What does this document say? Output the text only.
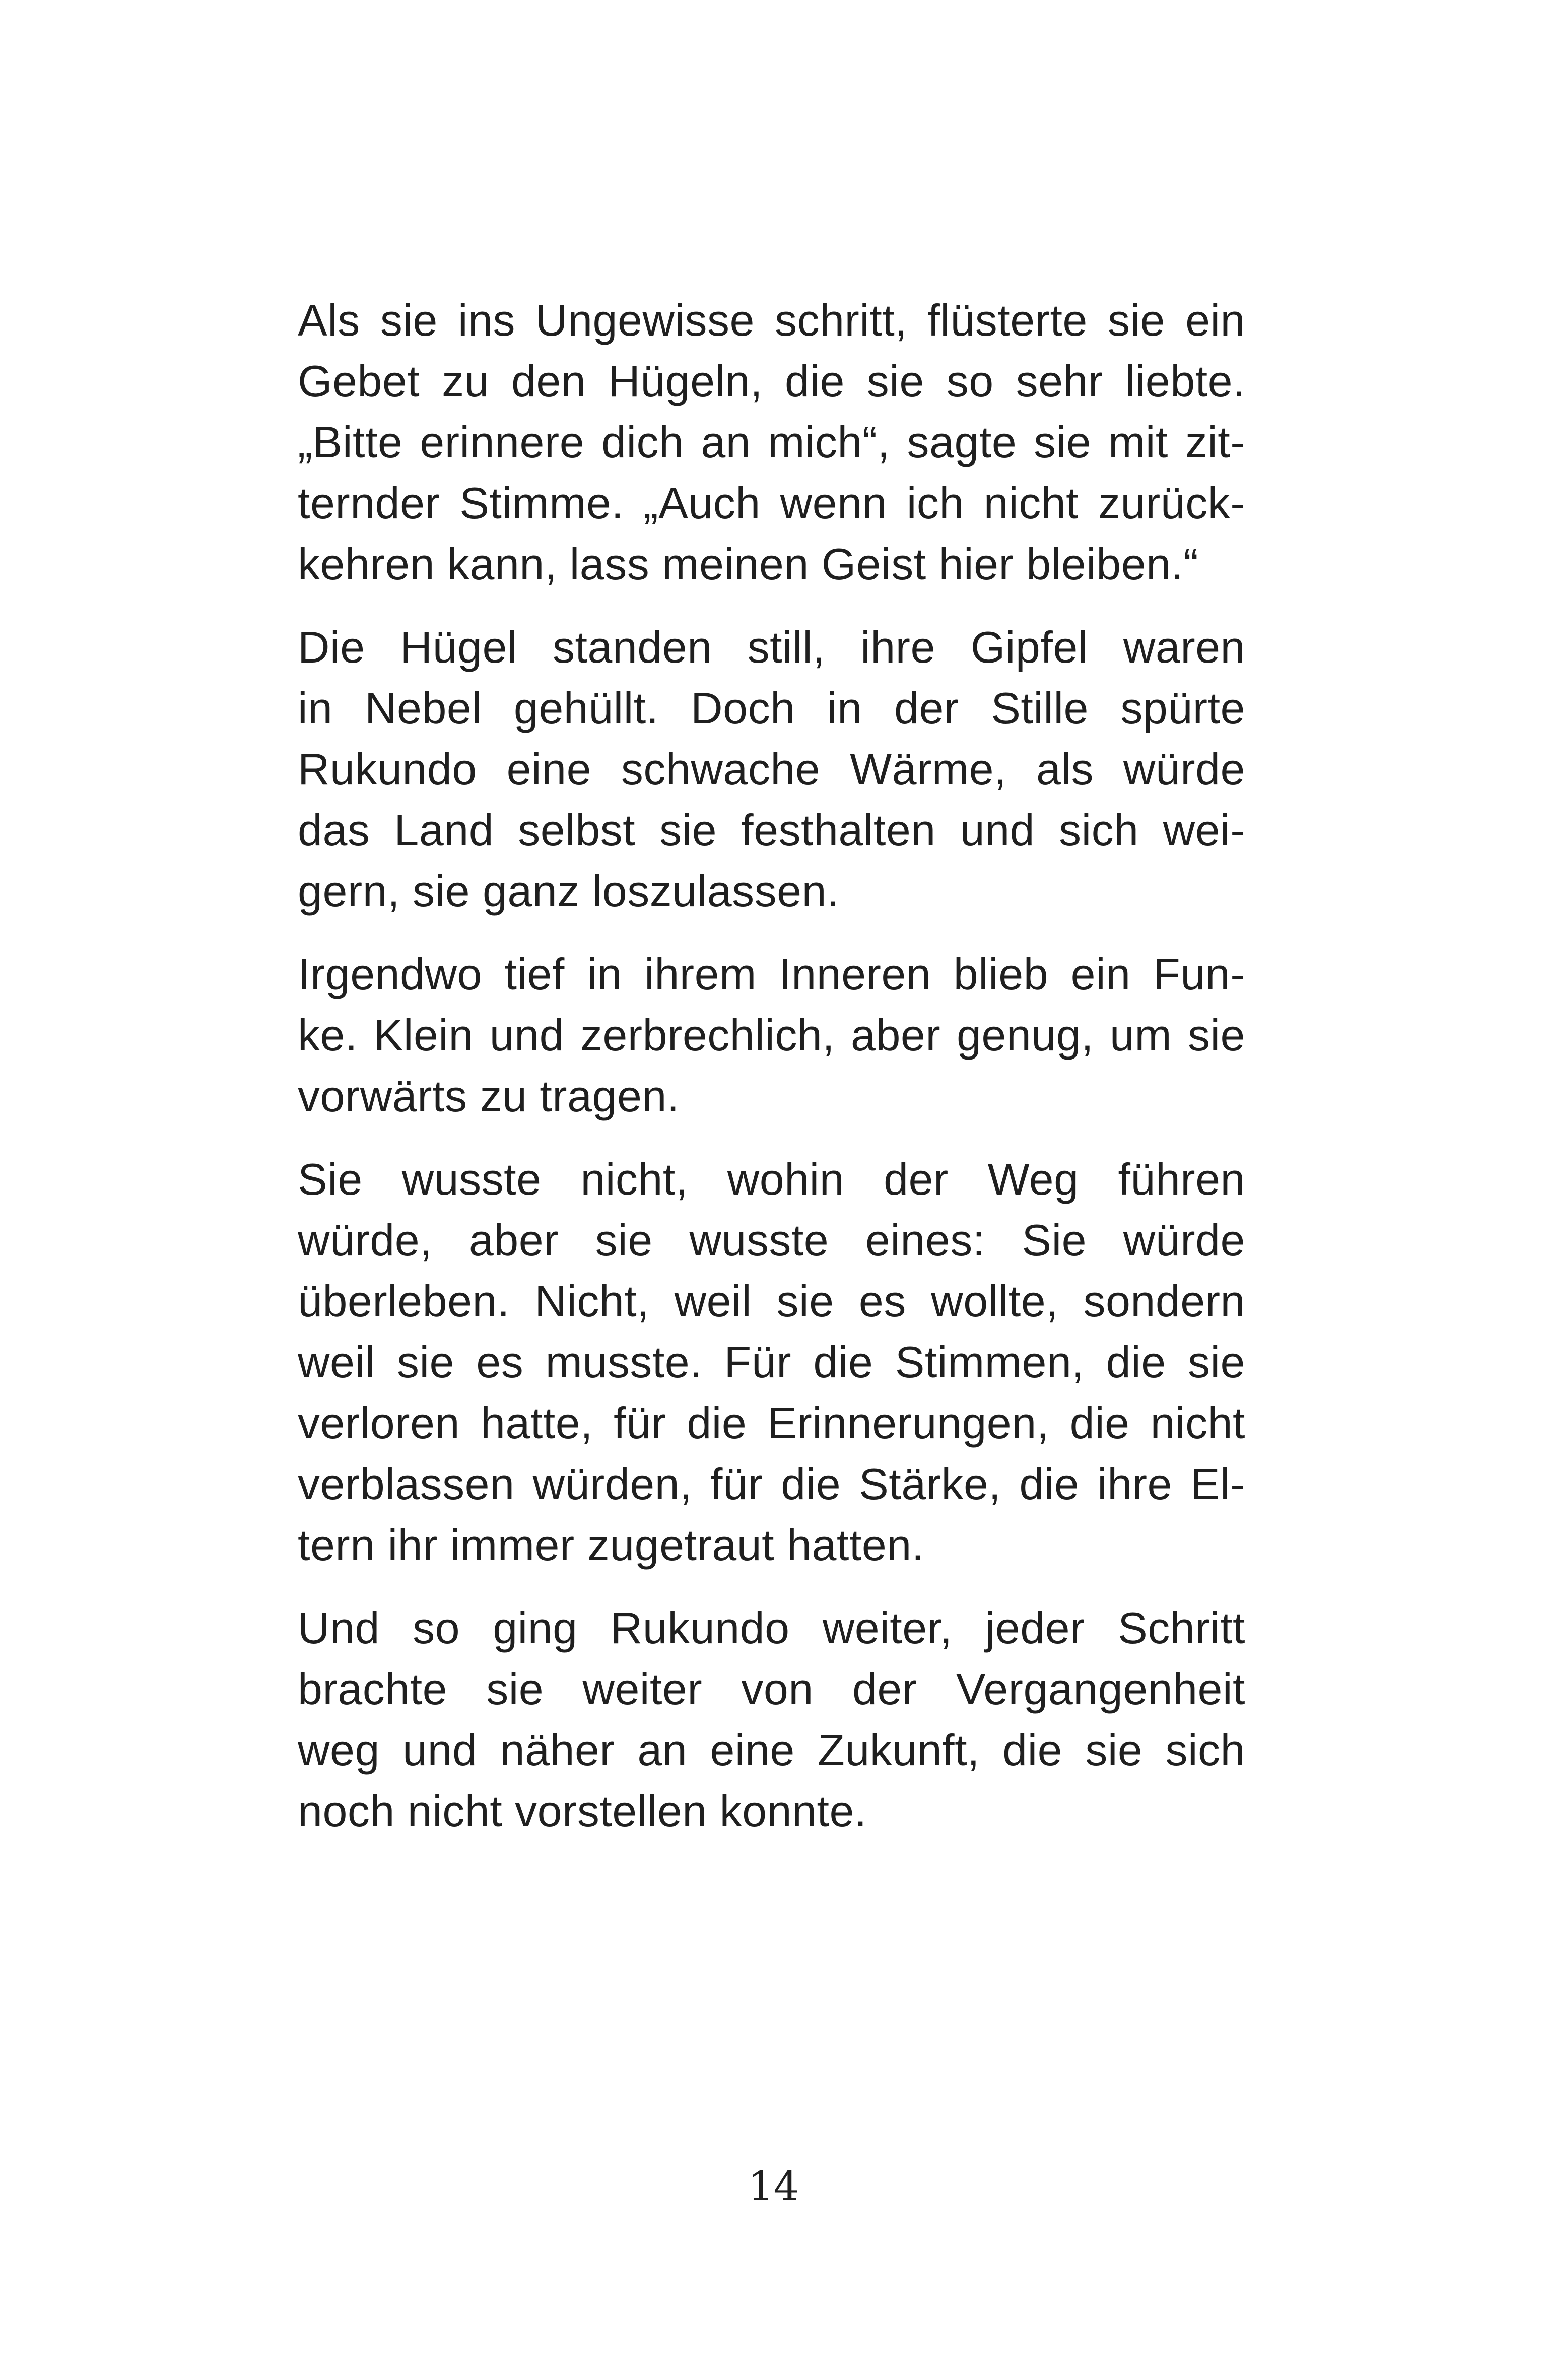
Als sie ins Ungewisse schritt, flüsterte sie ein
Gebet zu den Hügeln, die sie so sehr liebte.
„Bitte erinnere dich an mich“, sagte sie mit zit-
ternder Stimme. „Auch wenn ich nicht zurück-
kehren kann, lass meinen Geist hier bleiben.“

Die Hügel standen still, ihre Gipfel waren
in Nebel gehüllt. Doch in der Stille spürte
Rukundo eine schwache Wärme, als würde
das Land selbst sie festhalten und sich wei-
gern, sie ganz loszulassen.

Irgendwo tief in ihrem Inneren blieb ein Fun-
ke. Klein und zerbrechlich, aber genug, um sie
vorwärts zu tragen.

Sie wusste nicht, wohin der Weg führen
würde, aber sie wusste eines: Sie würde
überleben. Nicht, weil sie es wollte, sondern
weil sie es musste. Für die Stimmen, die sie
verloren hatte, für die Erinnerungen, die nicht
verblassen würden, für die Stärke, die ihre El-
tern ihr immer zugetraut hatten.

Und so ging Rukundo weiter, jeder Schritt
brachte sie weiter von der Vergangenheit
weg und näher an eine Zukunft, die sie sich
noch nicht vorstellen konnte.

14
